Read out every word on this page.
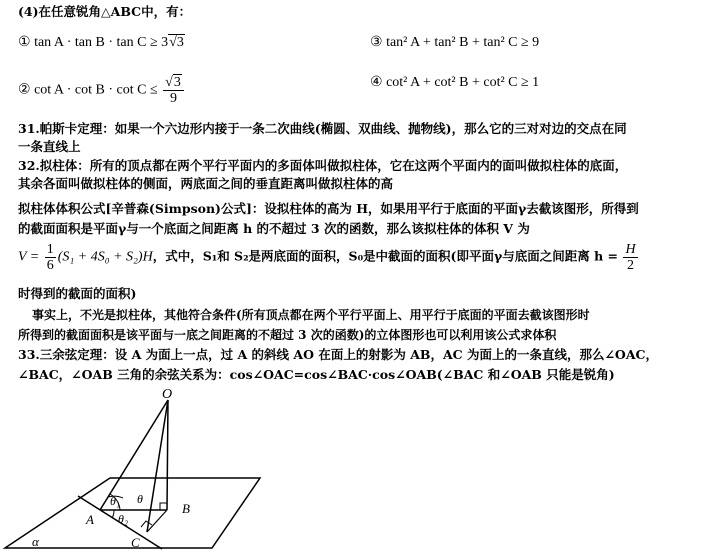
(4)在任意锐角△ABC中，有：
① tan A · tan B · tan C ≥ 3√3	③ tan² A + tan² B + tan² C ≥ 9
② $\cot A \cdot \cot B \cdot \cot C \le \frac{√3}{9}$	④ cot² A + cot² B + cot² C ≥ 1
31.帕斯卡定理：如果一个六边形内接于一条二次曲线(椭圆、双曲线、抛物线)，那么它的三对对边的交点在同
一条直线上
32.拟柱体：所有的顶点都在两个平行平面内的多面体叫做拟柱体，它在这两个平面内的面叫做拟柱体的底面，
其余各面叫做拟柱体的侧面，两底面之间的垂直距离叫做拟柱体的高
拟柱体体积公式[辛普森(Simpson)公式]：设拟柱体的高为 H，如果用平行于底面的平面γ去截该图形，所得到
的截面面积是平面γ与一个底面之间距离 h 的不超过 3 次的函数，那么该拟柱体的体积 V 为
$V = \frac{1}{6} (S_1 + 4S_0 + S_2)H$，式中，S₁和 S₂是两底面的面积，S₀是中截面的面积(即平面γ与底面之间距离 $h = \frac{H}{2}$
时得到的截面的面积)
事实上，不光是拟柱体，其他符合条件(所有顶点都在两个平行平面上、用平行于底面的平面去截该图形时
所得到的截面面积是该平面与一底之间距离的不超过 3 次的函数)的立体图形也可以利用该公式求体积
33.三余弦定理：设 A 为面上一点，过 A 的斜线 AO 在面上的射影为 AB，AC 为面上的一条直线，那么∠OAC，
∠BAC，∠OAB 三角的余弦关系为：cos∠OAC=cos∠BAC·cos∠OAB(∠BAC 和∠OAB 只能是锐角)
O
A
B
C
α
θ₁ θ
θ₂
